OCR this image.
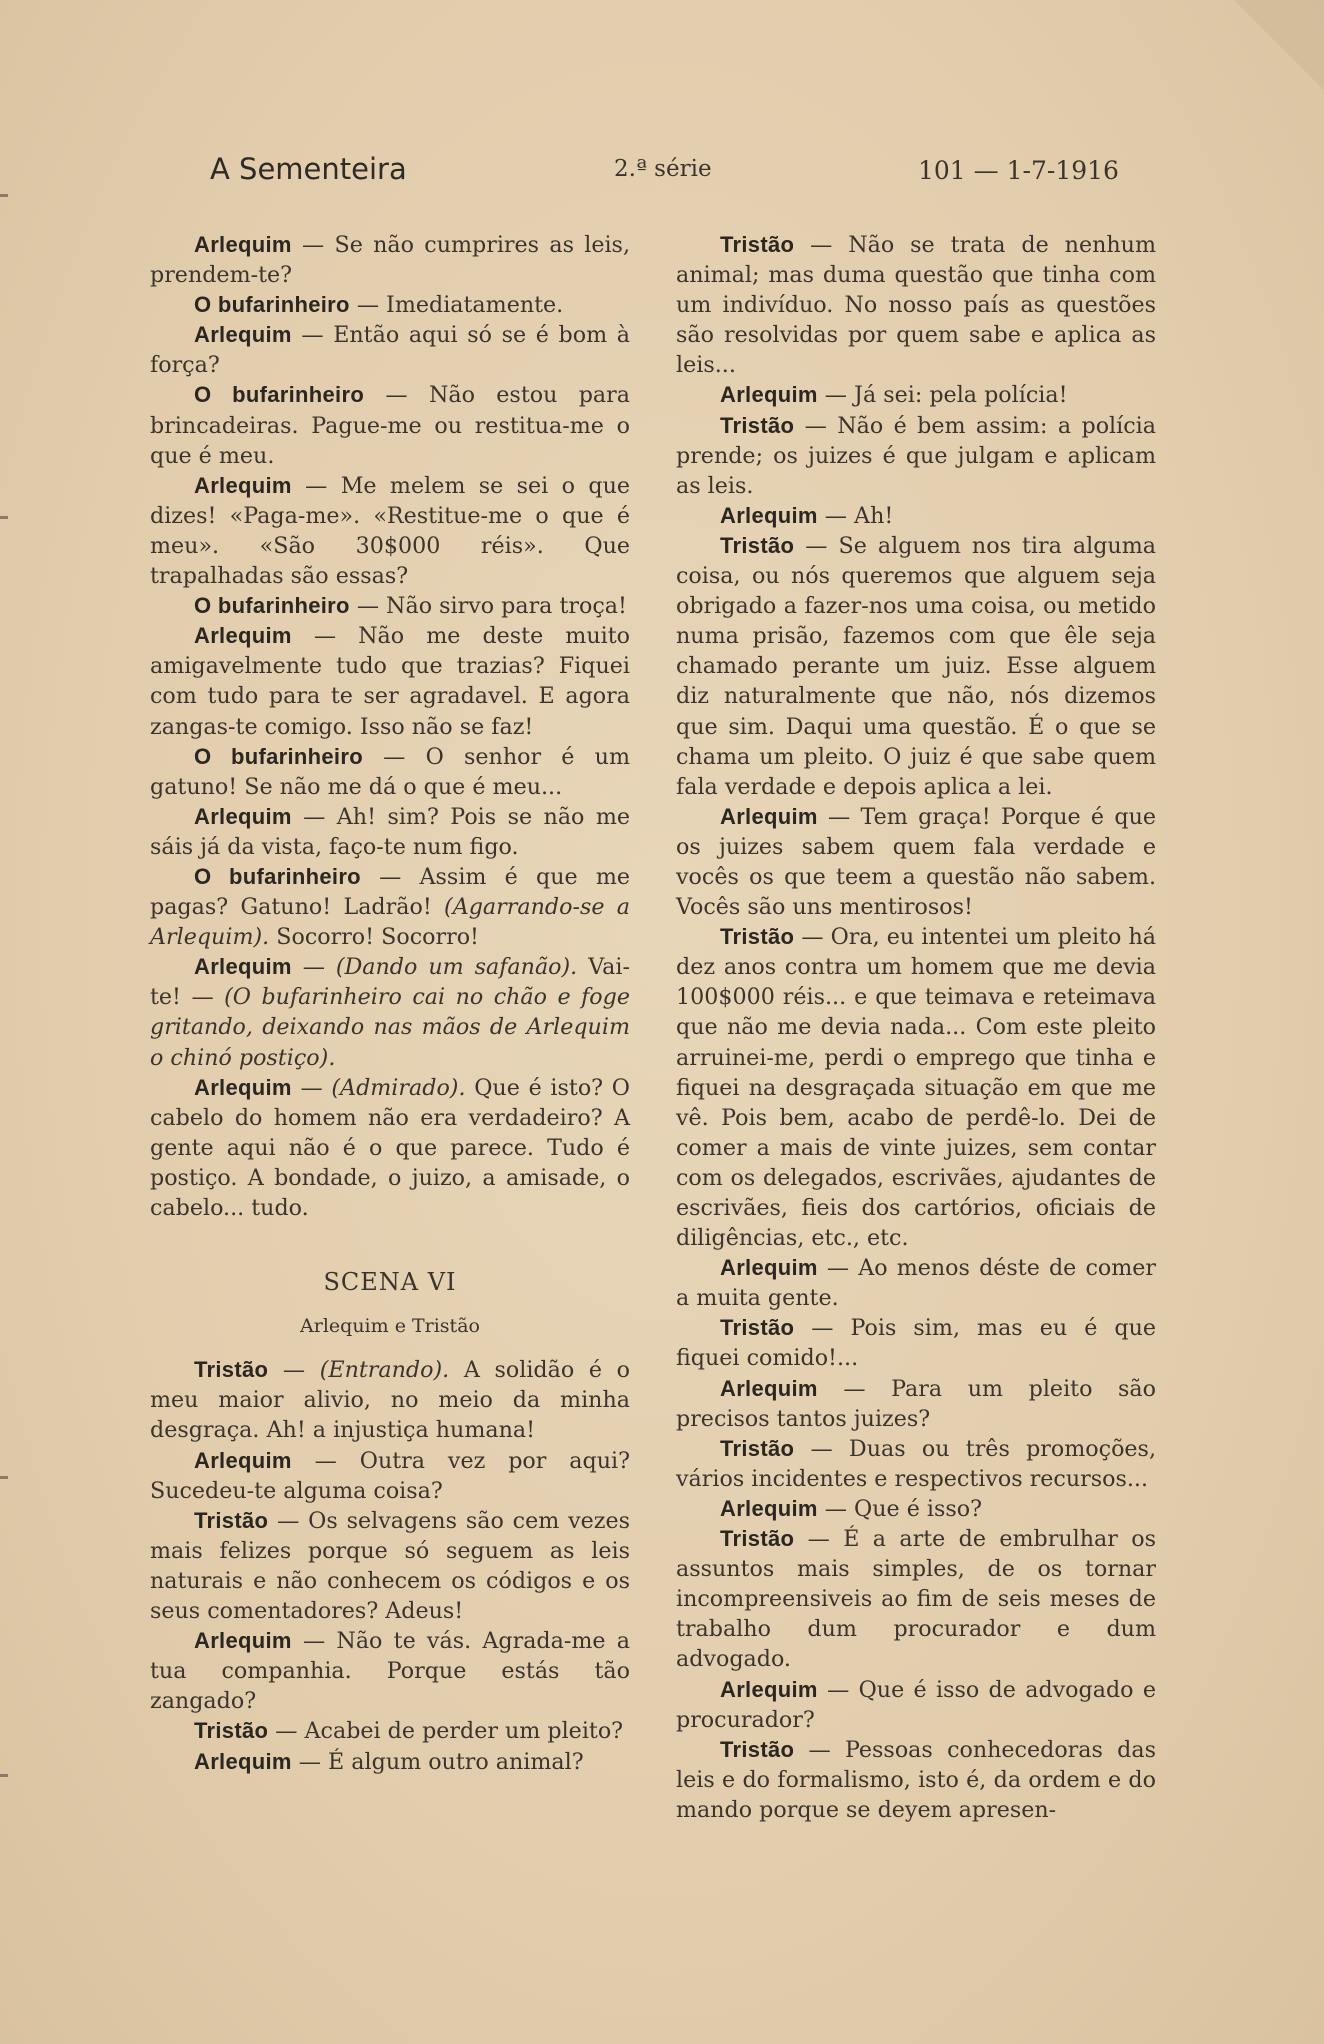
A Sementeira	2.ª série	101 — 1-7-1916

Arlequim — Se não cumprires as leis, prendem-te?

O bufarinheiro — Imediatamente.

Arlequim — Então aqui só se é bom à força?

O bufarinheiro — Não estou para brincadeiras. Pague-me ou restitua-me o que é meu.

Arlequim — Me melem se sei o que dizes! «Paga-me». «Restitue-me o que é meu». «São 30$000 réis». Que trapalhadas são essas?

O bufarinheiro — Não sirvo para troça!

Arlequim — Não me deste muito amigavelmente tudo que trazias? Fiquei com tudo para te ser agradavel. E agora zangas-te comigo. Isso não se faz!

O bufarinheiro — O senhor é um gatuno! Se não me dá o que é meu...

Arlequim — Ah! sim? Pois se não me sáis já da vista, faço-te num figo.

O bufarinheiro — Assim é que me pagas? Gatuno! Ladrão! (Agarrando-se a Arlequim). Socorro! Socorro!

Arlequim — (Dando um safanão). Vai-te! — (O bufarinheiro cai no chão e foge gritando, deixando nas mãos de Arlequim o chinó postiço).

Arlequim — (Admirado). Que é isto? O cabelo do homem não era verdadeiro? A gente aqui não é o que parece. Tudo é postiço. A bondade, o juizo, a amisade, o cabelo... tudo.

SCENA VI

Arlequim e Tristão

Tristão — (Entrando). A solidão é o meu maior alivio, no meio da minha desgraça. Ah! a injustiça humana!

Arlequim — Outra vez por aqui? Sucedeu-te alguma coisa?

Tristão — Os selvagens são cem vezes mais felizes porque só seguem as leis naturais e não conhecem os códigos e os seus comentadores? Adeus!

Arlequim — Não te vás. Agrada-me a tua companhia. Porque estás tão zangado?

Tristão — Acabei de perder um pleito?

Arlequim — É algum outro animal?

Tristão — Não se trata de nenhum animal; mas duma questão que tinha com um indivíduo. No nosso país as questões são resolvidas por quem sabe e aplica as leis...

Arlequim — Já sei: pela polícia!

Tristão — Não é bem assim: a polícia prende; os juizes é que julgam e aplicam as leis.

Arlequim — Ah!

Tristão — Se alguem nos tira alguma coisa, ou nós queremos que alguem seja obrigado a fazer-nos uma coisa, ou metido numa prisão, fazemos com que êle seja chamado perante um juiz. Esse alguem diz naturalmente que não, nós dizemos que sim. Daqui uma questão. É o que se chama um pleito. O juiz é que sabe quem fala verdade e depois aplica a lei.

Arlequim — Tem graça! Porque é que os juizes sabem quem fala verdade e vocês os que teem a questão não sabem. Vocês são uns mentirosos!

Tristão — Ora, eu intentei um pleito há dez anos contra um homem que me devia 100$000 réis... e que teimava e reteimava que não me devia nada... Com este pleito arruinei-me, perdi o emprego que tinha e fiquei na desgraçada situação em que me vê. Pois bem, acabo de perdê-lo. Dei de comer a mais de vinte juizes, sem contar com os delegados, escrivães, ajudantes de escrivães, fieis dos cartórios, oficiais de diligências, etc., etc.

Arlequim — Ao menos déste de comer a muita gente.

Tristão — Pois sim, mas eu é que fiquei comido!...

Arlequim — Para um pleito são precisos tantos juizes?

Tristão — Duas ou três promoções, vários incidentes e respectivos recursos...

Arlequim — Que é isso?

Tristão — É a arte de embrulhar os assuntos mais simples, de os tornar incompreensiveis ao fim de seis meses de trabalho dum procurador e dum advogado.

Arlequim — Que é isso de advogado e procurador?

Tristão — Pessoas conhecedoras das leis e do formalismo, isto é, da ordem e do mando porque se deyem apresen-
